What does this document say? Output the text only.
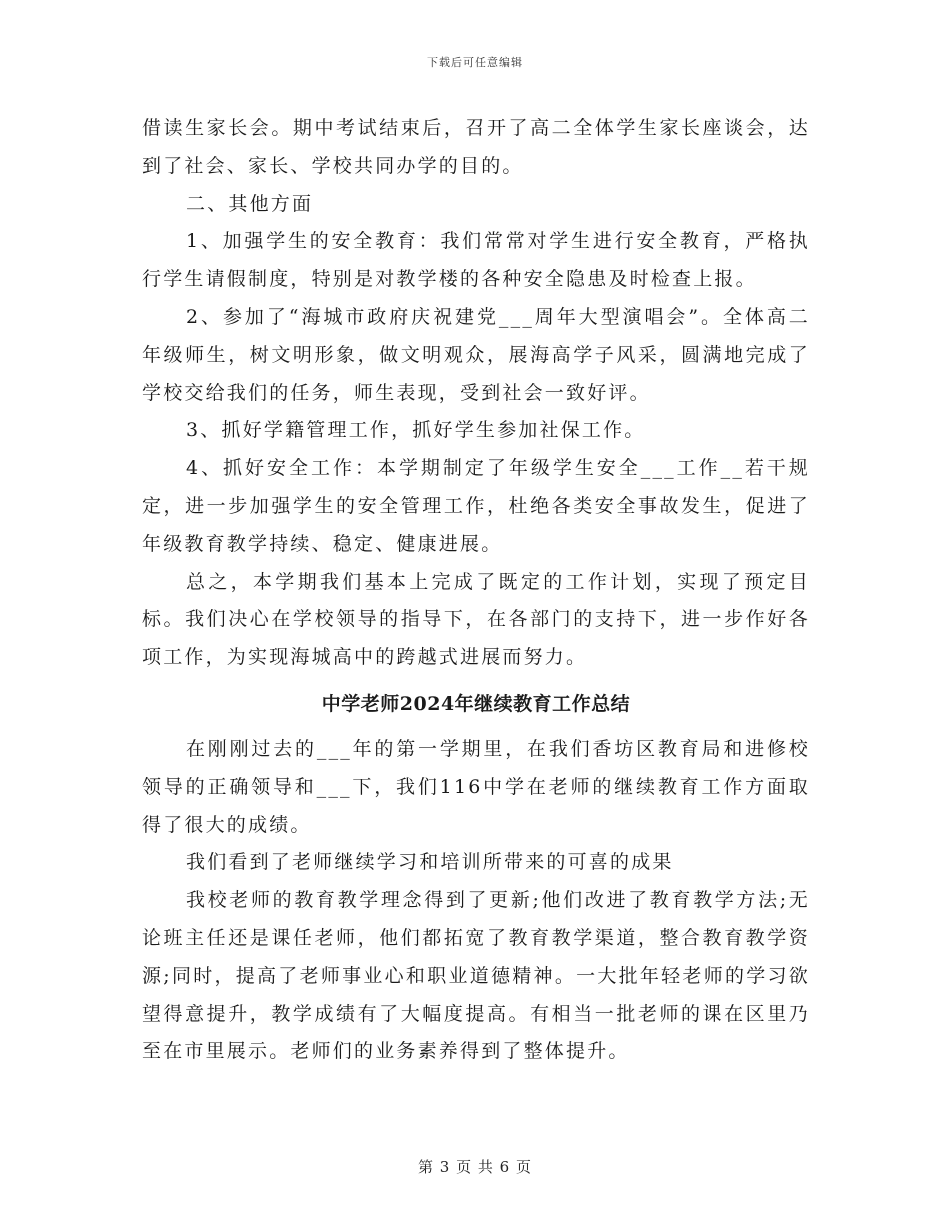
下载后可任意编辑

借读生家长会。期中考试结束后，召开了高二全体学生家长座谈会，达到了社会、家长、学校共同办学的目的。

二、其他方面

1、加强学生的安全教育：我们常常对学生进行安全教育，严格执行学生请假制度，特别是对教学楼的各种安全隐患及时检查上报。

2、参加了“海城市政府庆祝建党___周年大型演唱会”。全体高二年级师生，树文明形象，做文明观众，展海高学子风采，圆满地完成了学校交给我们的任务，师生表现，受到社会一致好评。

3、抓好学籍管理工作，抓好学生参加社保工作。

4、抓好安全工作：本学期制定了年级学生安全___工作__若干规定，进一步加强学生的安全管理工作，杜绝各类安全事故发生，促进了年级教育教学持续、稳定、健康进展。

总之，本学期我们基本上完成了既定的工作计划，实现了预定目标。我们决心在学校领导的指导下，在各部门的支持下，进一步作好各项工作，为实现海城高中的跨越式进展而努力。

中学老师2024年继续教育工作总结

在刚刚过去的___年的第一学期里，在我们香坊区教育局和进修校领导的正确领导和___下，我们116中学在老师的继续教育工作方面取得了很大的成绩。

我们看到了老师继续学习和培训所带来的可喜的成果

我校老师的教育教学理念得到了更新;他们改进了教育教学方法;无论班主任还是课任老师，他们都拓宽了教育教学渠道，整合教育教学资源;同时，提高了老师事业心和职业道德精神。一大批年轻老师的学习欲望得意提升，教学成绩有了大幅度提高。有相当一批老师的课在区里乃至在市里展示。老师们的业务素养得到了整体提升。

第 3 页 共 6 页
